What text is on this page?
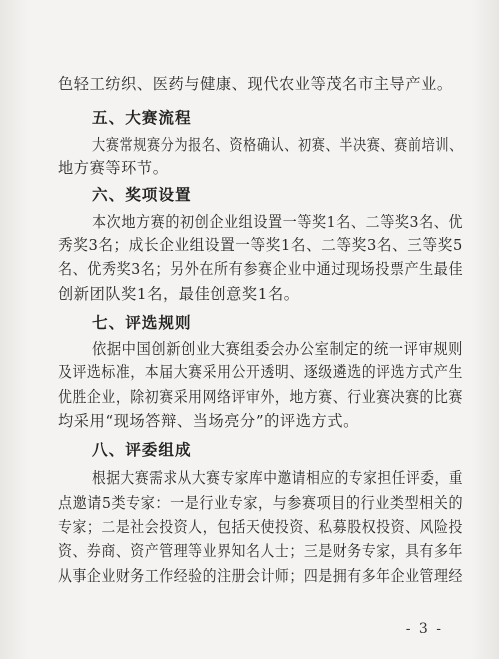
色轻工纺织、医药与健康、现代农业等茂名市主导产业。
五、大赛流程
大赛常规赛分为报名、资格确认、初赛、半决赛、赛前培训、
地方赛等环节。
六、奖项设置
本次地方赛的初创企业组设置一等奖1名、二等奖3名、优
秀奖3名；成长企业组设置一等奖1名、二等奖3名、三等奖5
名、优秀奖3名；另外在所有参赛企业中通过现场投票产生最佳
创新团队奖1名，最佳创意奖1名。
七、评选规则
依据中国创新创业大赛组委会办公室制定的统一评审规则
及评选标准，本届大赛采用公开透明、逐级遴选的评选方式产生
优胜企业，除初赛采用网络评审外，地方赛、行业赛决赛的比赛
均采用“现场答辩、当场亮分”的评选方式。
八、评委组成
根据大赛需求从大赛专家库中邀请相应的专家担任评委，重
点邀请5类专家：一是行业专家，与参赛项目的行业类型相关的
专家；二是社会投资人，包括天使投资、私募股权投资、风险投
资、券商、资产管理等业界知名人士；三是财务专家，具有多年
从事企业财务工作经验的注册会计师；四是拥有多年企业管理经
- 3 -
